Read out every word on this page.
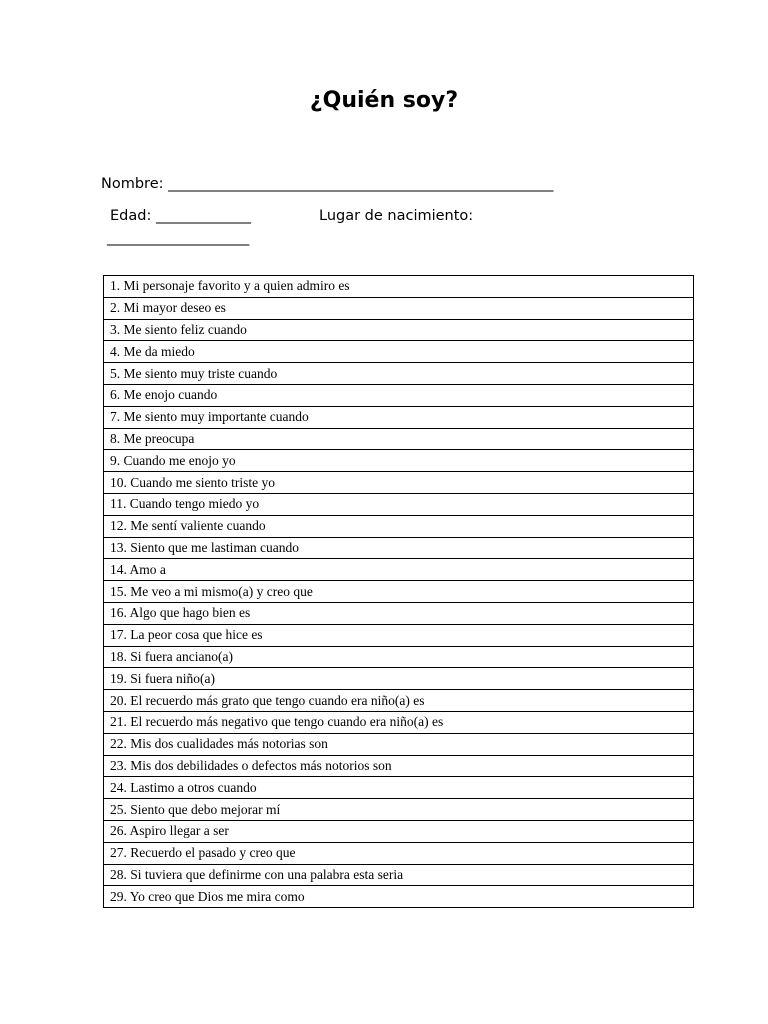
¿Quién soy?
Nombre: _________________________________________________________
Edad: ______________	Lugar de nacimiento:
_____________________
1. Mi personaje favorito y a quien admiro es
2. Mi mayor deseo es
3. Me siento feliz cuando
4. Me da miedo
5. Me siento muy triste cuando
6. Me enojo cuando
7. Me siento muy importante cuando
8. Me preocupa
9. Cuando me enojo yo
10. Cuando me siento triste yo
11. Cuando tengo miedo yo
12. Me sentí valiente cuando
13. Siento que me lastiman cuando
14. Amo a
15. Me veo a mi mismo(a) y creo que
16. Algo que hago bien es
17. La peor cosa que hice es
18. Si fuera anciano(a)
19. Si fuera niño(a)
20. El recuerdo más grato que tengo cuando era niño(a) es
21. El recuerdo más negativo que tengo cuando era niño(a) es
22. Mis dos cualidades más notorias son
23. Mis dos debilidades o defectos más notorios son
24. Lastimo a otros cuando
25. Siento que debo mejorar mí
26. Aspiro llegar a ser
27. Recuerdo el pasado y creo que
28. Si tuviera que definirme con una palabra esta seria
29. Yo creo que Dios me mira como
